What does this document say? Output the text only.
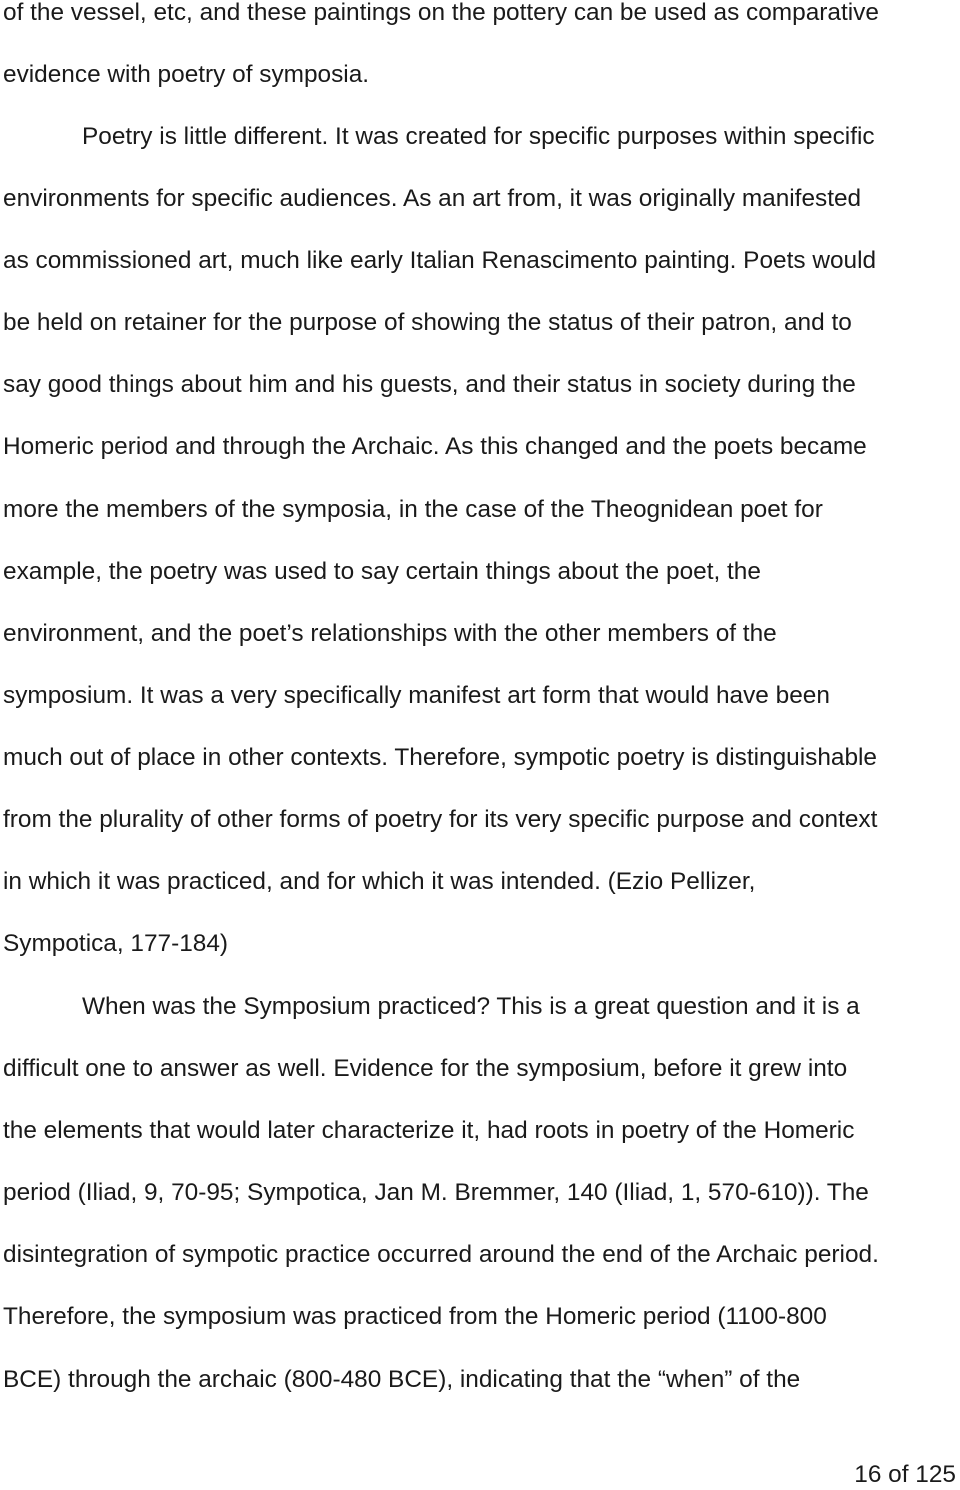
of the vessel, etc, and these paintings on the pottery can be used as comparative
evidence with poetry of symposia.
Poetry is little different. It was created for specific purposes within specific
environments for specific audiences. As an art from, it was originally manifested
as commissioned art, much like early Italian Renascimento painting. Poets would
be held on retainer for the purpose of showing the status of their patron, and to
say good things about him and his guests, and their status in society during the
Homeric period and through the Archaic. As this changed and the poets became
more the members of the symposia, in the case of the Theognidean poet for
example, the poetry was used to say certain things about the poet, the
environment, and the poet’s relationships with the other members of the
symposium. It was a very specifically manifest art form that would have been
much out of place in other contexts. Therefore, sympotic poetry is distinguishable
from the plurality of other forms of poetry for its very specific purpose and context
in which it was practiced, and for which it was intended. (Ezio Pellizer,
Sympotica, 177-184)
When was the Symposium practiced? This is a great question and it is a
difficult one to answer as well. Evidence for the symposium, before it grew into
the elements that would later characterize it, had roots in poetry of the Homeric
period (Iliad, 9, 70-95; Sympotica, Jan M. Bremmer, 140 (Iliad, 1, 570-610)). The
disintegration of sympotic practice occurred around the end of the Archaic period.
Therefore, the symposium was practiced from the Homeric period (1100-800
BCE) through the archaic (800-480 BCE), indicating that the “when” of the
16 of 125
